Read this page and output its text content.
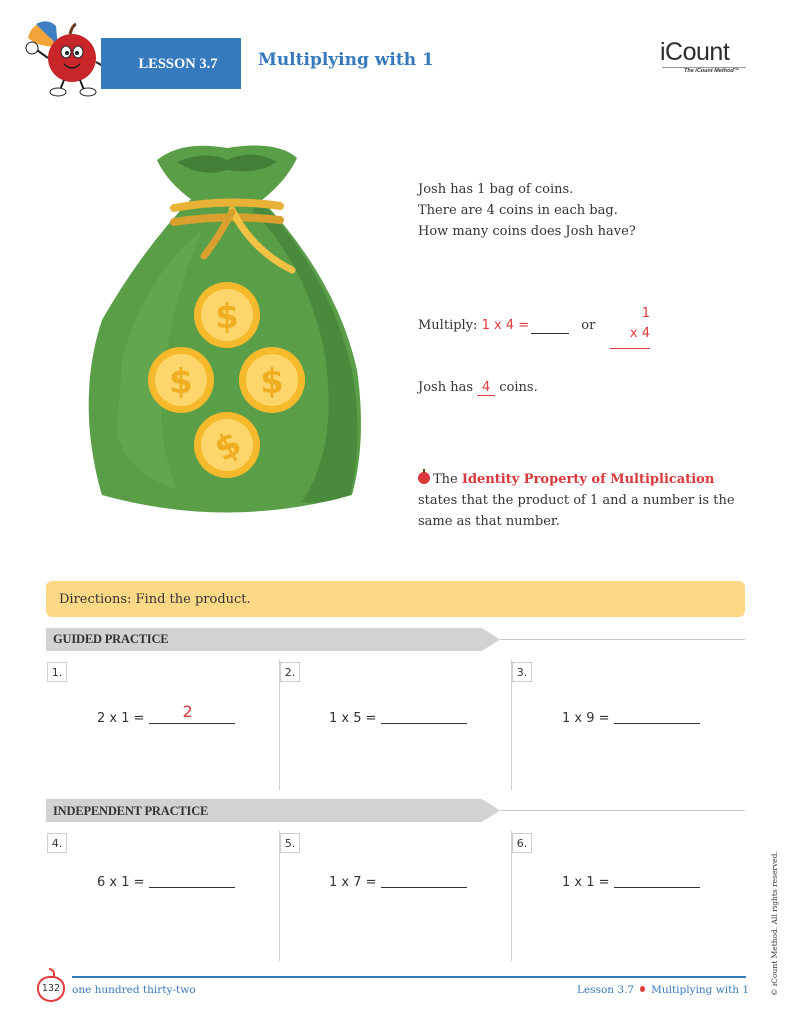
LESSON 3.7	Multiplying with 1	iCount
The iCount Method™
$
$ $
$
Josh has 1 bag of coins.
There are 4 coins in each bag.
How many coins does Josh have?
Multiply: 1 x 4 =	or
1
x 4
Josh has 4 coins.
The Identity Property of Multiplication states that the product of 1 and a number is the same as that number.
Directions: Find the product.
GUIDED PRACTICE
1.	2.	3.
2 x 1 = 2	1 x 5 =	1 x 9 =
INDEPENDENT PRACTICE
4.	5.	6.
6 x 1 =	1 x 7 =	1 x 1 =
132	one hundred thirty-two	Lesson 3.7 Multiplying with 1	© iCount Method. All rights reserved.
